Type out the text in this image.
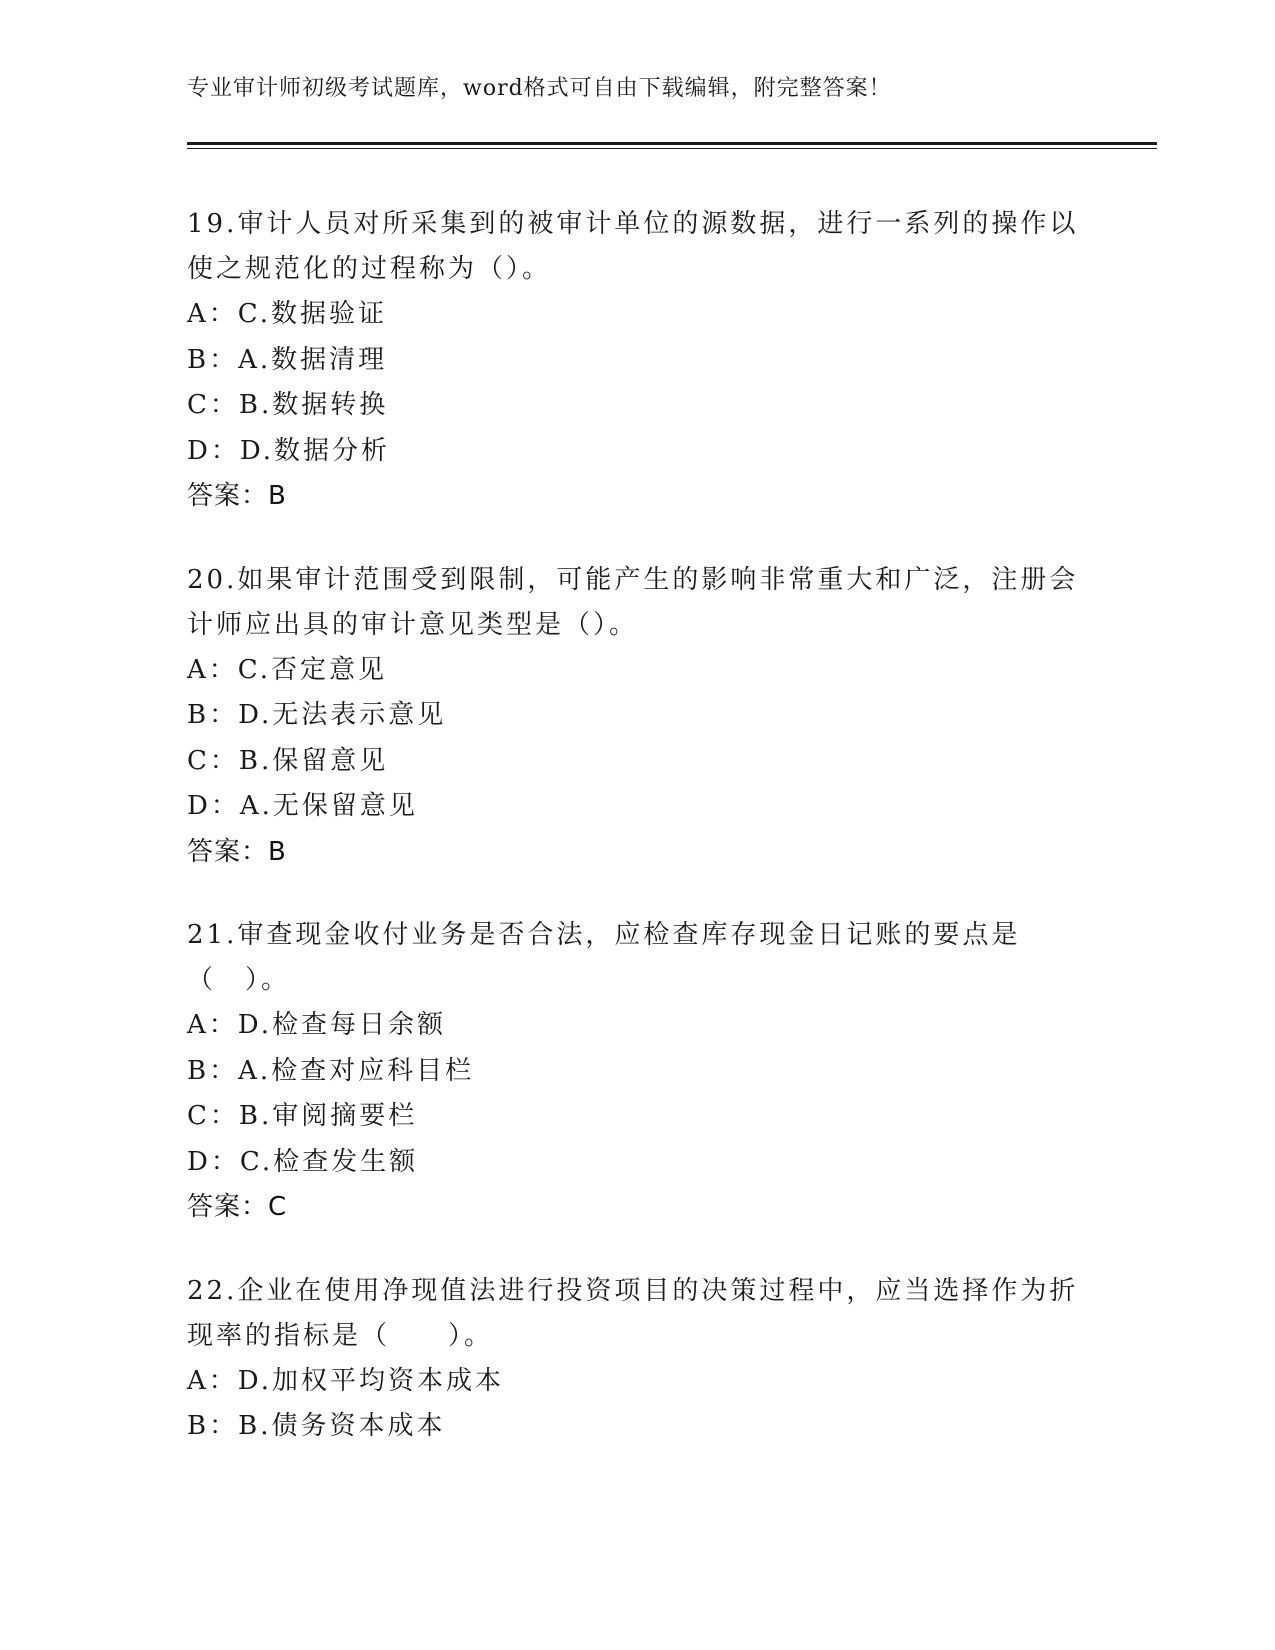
专业审计师初级考试题库，word格式可自由下载编辑，附完整答案！

19.审计人员对所采集到的被审计单位的源数据，进行一系列的操作以使之规范化的过程称为（）。

A：C.数据验证
B：A.数据清理
C：B.数据转换
D：D.数据分析
答案：B

20.如果审计范围受到限制，可能产生的影响非常重大和广泛，注册会计师应出具的审计意见类型是（）。

A：C.否定意见
B：D.无法表示意见
C：B.保留意见
D：A.无保留意见
答案：B

21.审查现金收付业务是否合法，应检查库存现金日记账的要点是（　）。

A：D.检查每日余额
B：A.检查对应科目栏
C：B.审阅摘要栏
D：C.检查发生额
答案：C

22.企业在使用净现值法进行投资项目的决策过程中，应当选择作为折现率的指标是（　　）。

A：D.加权平均资本成本
B：B.债务资本成本
